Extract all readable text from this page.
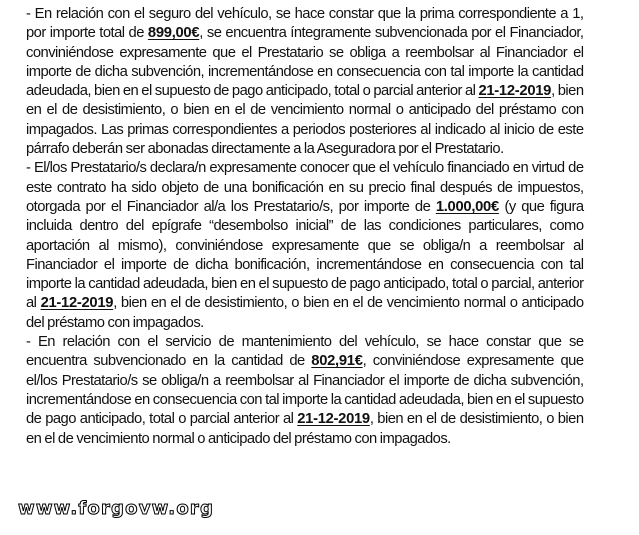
- En relación con el seguro del vehículo, se hace constar que la prima correspondiente a 1, por importe total de 899,00€, se encuentra íntegramente subvencionada por el Financiador, conviniéndose expresamente que el Prestatario se obliga a reembolsar al Financiador el importe de dicha subvención, incrementándose en consecuencia con tal importe la cantidad adeudada, bien en el supuesto de pago anticipado, total o parcial anterior al 21-12-2019, bien en el de desistimiento, o bien en el de vencimiento normal o anticipado del préstamo con impagados. Las primas correspondientes a periodos posteriores al indicado al inicio de este párrafo deberán ser abonadas directamente a la Aseguradora por el Prestatario.

- El/los Prestatario/s declara/n expresamente conocer que el vehículo financiado en virtud de este contrato ha sido objeto de una bonificación en su precio final después de impuestos, otorgada por el Financiador al/a los Prestatario/s, por importe de 1.000,00€ (y que figura incluida dentro del epígrafe “desembolso inicial” de las condiciones particulares, como aportación al mismo), conviniéndose expresamente que se obliga/n a reembolsar al Financiador el importe de dicha bonificación, incrementándose en consecuencia con tal importe la cantidad adeudada, bien en el supuesto de pago anticipado, total o parcial, anterior al 21-12-2019, bien en el de desistimiento, o bien en el de vencimiento normal o anticipado del préstamo con impagados.

- En relación con el servicio de mantenimiento del vehículo, se hace constar que se encuentra subvencionado en la cantidad de 802,91€, conviniéndose expresamente que el/los Prestatario/s se obliga/n a reembolsar al Financiador el importe de dicha subvención, incrementándose en consecuencia con tal importe la cantidad adeudada, bien en el supuesto de pago anticipado, total o parcial anterior al 21-12-2019, bien en el de desistimiento, o bien en el de vencimiento normal o anticipado del préstamo con impagados.

www.forgovw.org
